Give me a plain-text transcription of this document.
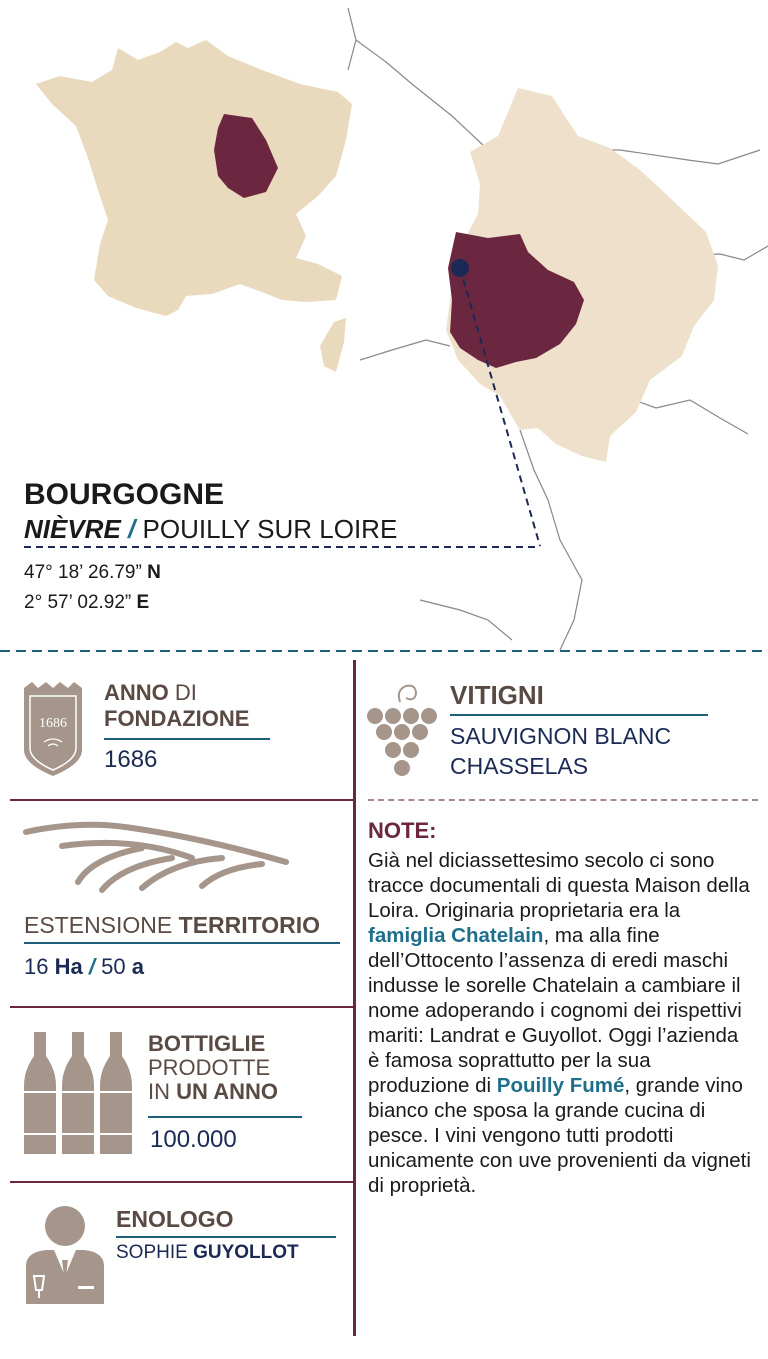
BOURGOGNE
NIÈVRE / POUILLY SUR LOIRE
47° 18’ 26.79” N
2° 57’ 02.92” E
1686
ANNO DI
FONDAZIONE
1686
ESTENSIONE TERRITORIO
16 Ha / 50 a
BOTTIGLIE
PRODOTTE
IN UN ANNO
100.000
ENOLOGO
SOPHIE GUYOLLOT
VITIGNI
SAUVIGNON BLANC
CHASSELAS
NOTE:
Già nel diciassettesimo secolo ci sono tracce documentali di questa Maison della Loira. Originaria proprietaria era la famiglia Chatelain, ma alla fine dell’Ottocento l’assenza di eredi maschi indusse le sorelle Chatelain a cambiare il nome adoperando i cognomi dei rispettivi mariti: Landrat e Guyollot. Oggi l’azienda è famosa soprattutto per la sua produzione di Pouilly Fumé, grande vino bianco che sposa la grande cucina di pesce. I vini vengono tutti prodotti unicamente con uve provenienti da vigneti di proprietà.
